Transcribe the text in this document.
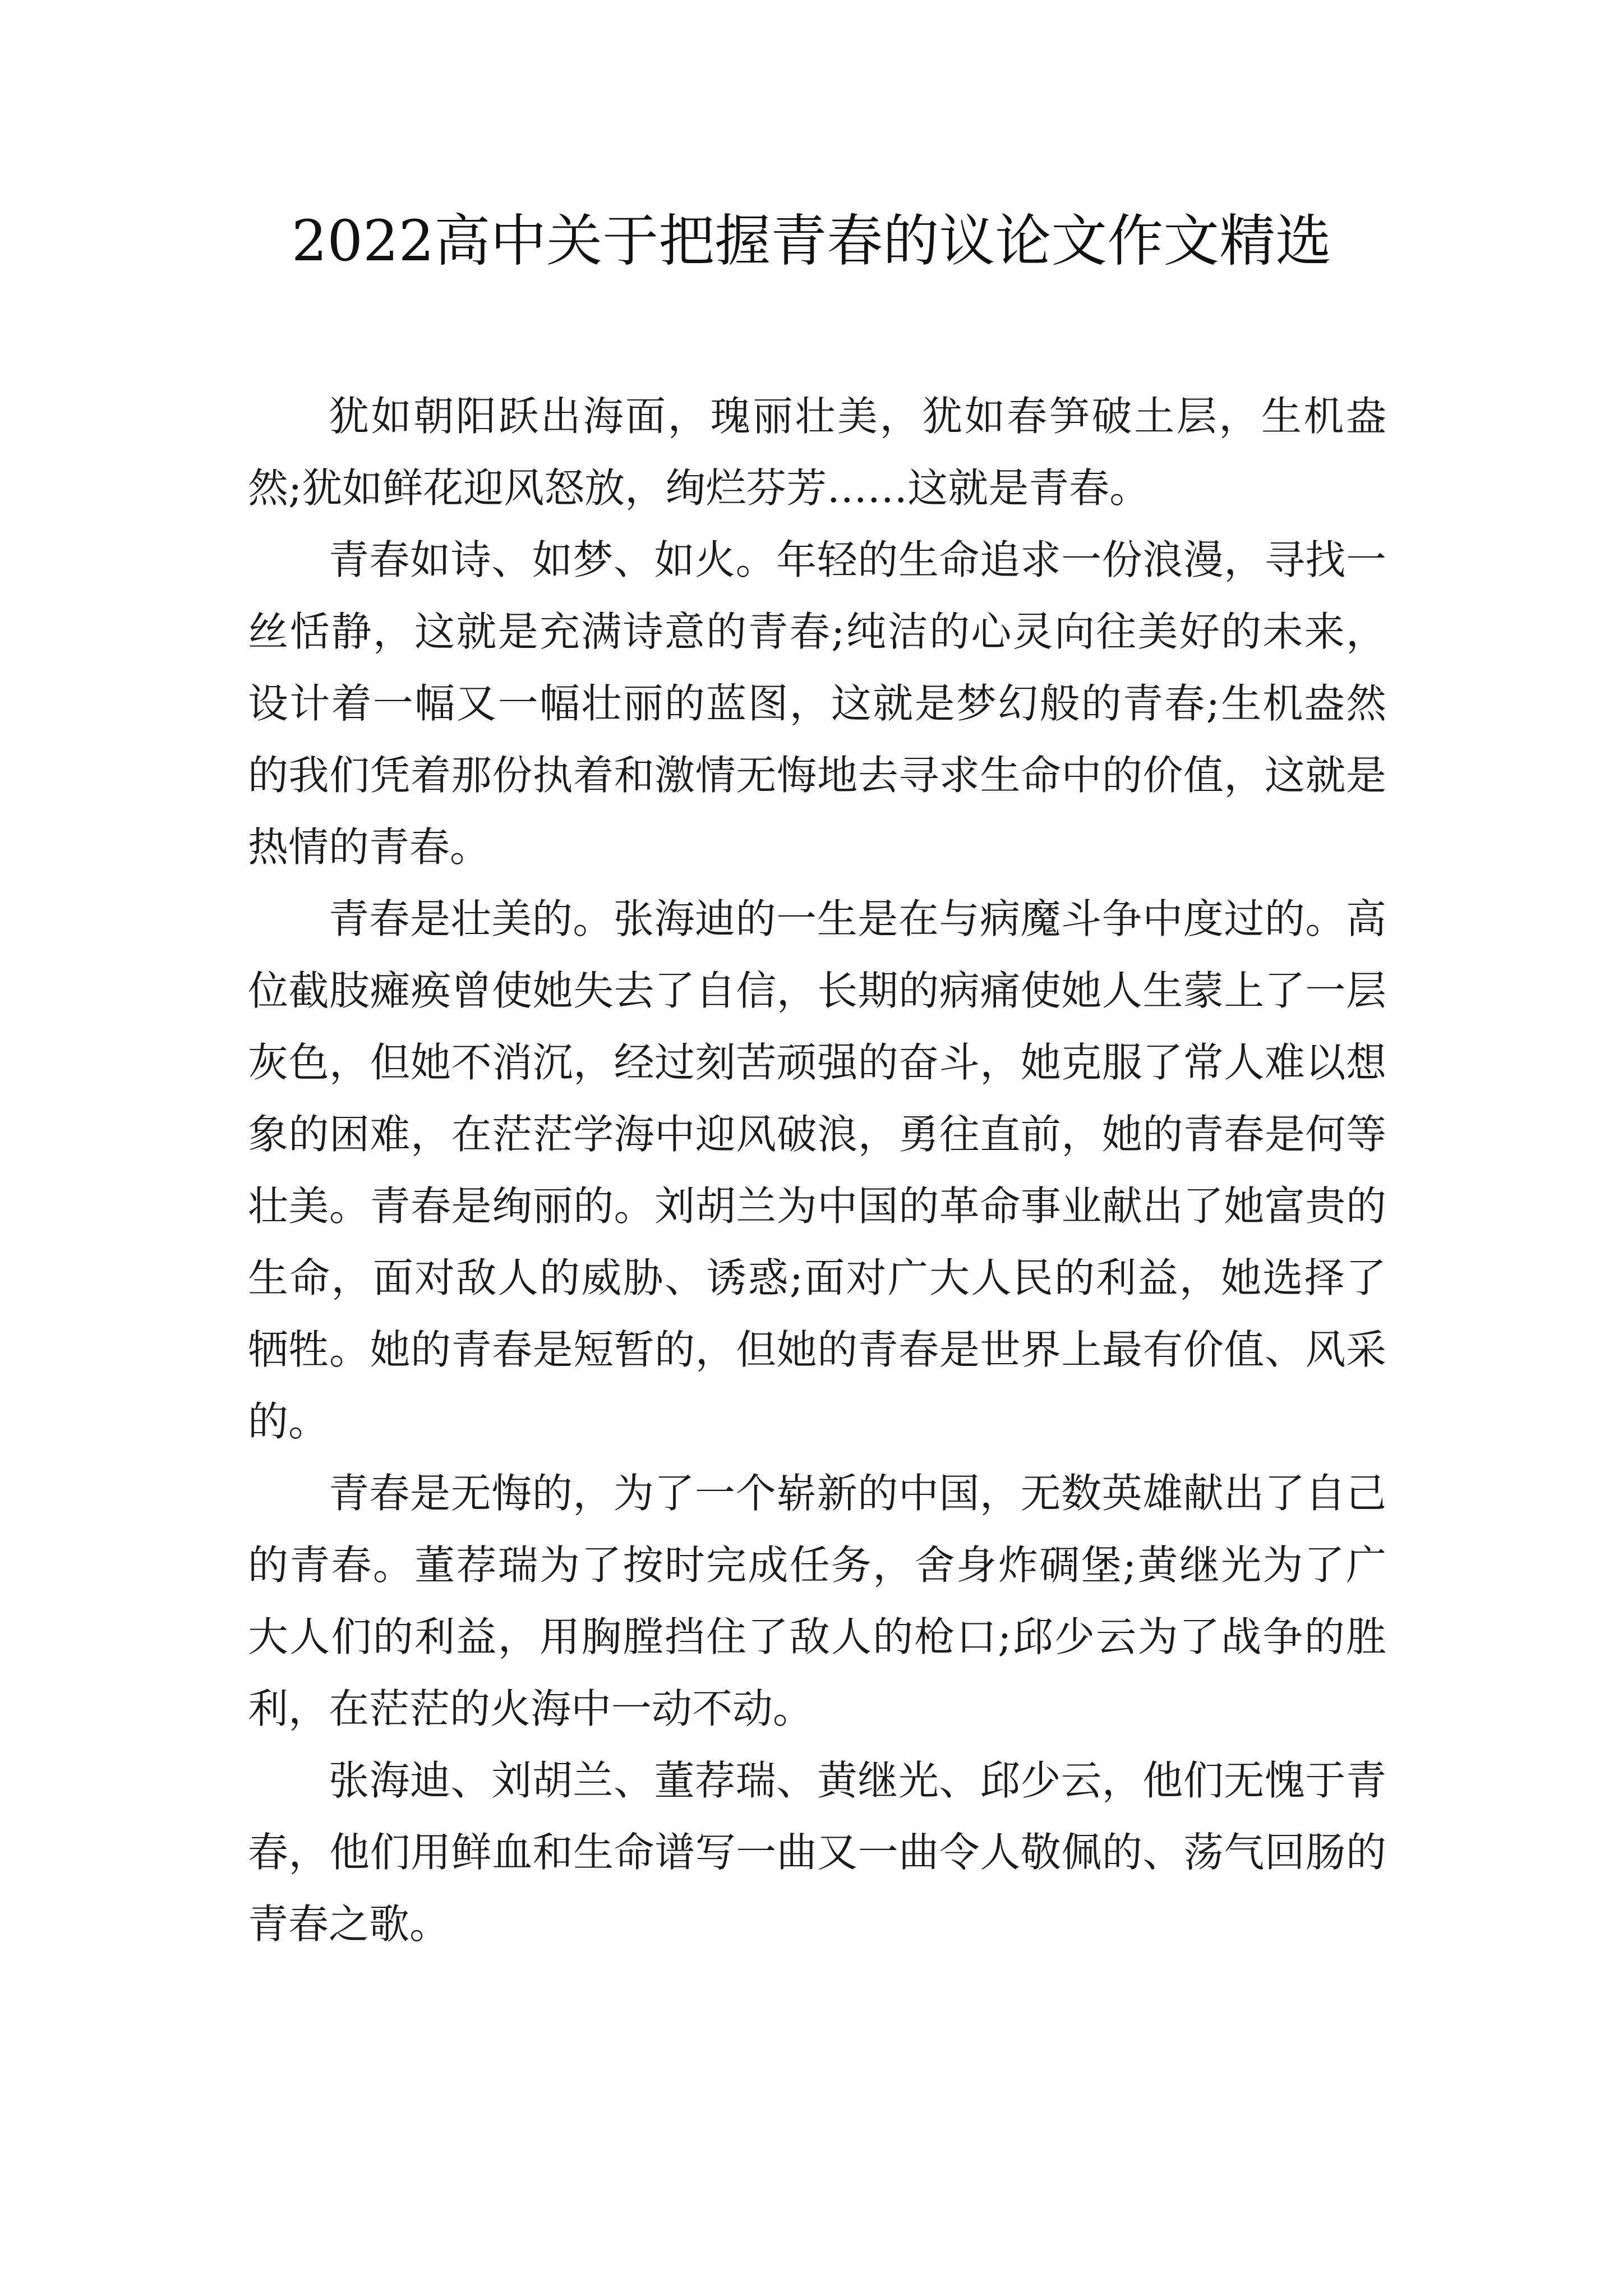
2022高中关于把握青春的议论文作文精选

犹如朝阳跃出海面，瑰丽壮美，犹如春笋破土层，生机盎然;犹如鲜花迎风怒放，绚烂芬芳……这就是青春。

青春如诗、如梦、如火。年轻的生命追求一份浪漫，寻找一丝恬静，这就是充满诗意的青春;纯洁的心灵向往美好的未来，设计着一幅又一幅壮丽的蓝图，这就是梦幻般的青春;生机盎然的我们凭着那份执着和激情无悔地去寻求生命中的价值，这就是热情的青春。

青春是壮美的。张海迪的一生是在与病魔斗争中度过的。高位截肢瘫痪曾使她失去了自信，长期的病痛使她人生蒙上了一层灰色，但她不消沉，经过刻苦顽强的奋斗，她克服了常人难以想象的困难，在茫茫学海中迎风破浪，勇往直前，她的青春是何等壮美。青春是绚丽的。刘胡兰为中国的革命事业献出了她富贵的生命，面对敌人的威胁、诱惑;面对广大人民的利益，她选择了牺牲。她的青春是短暂的，但她的青春是世界上最有价值、风采的。

青春是无悔的，为了一个崭新的中国，无数英雄献出了自己的青春。董荐瑞为了按时完成任务，舍身炸碉堡;黄继光为了广大人们的利益，用胸膛挡住了敌人的枪口;邱少云为了战争的胜利，在茫茫的火海中一动不动。

张海迪、刘胡兰、董荐瑞、黄继光、邱少云，他们无愧于青春，他们用鲜血和生命谱写一曲又一曲令人敬佩的、荡气回肠的青春之歌。
